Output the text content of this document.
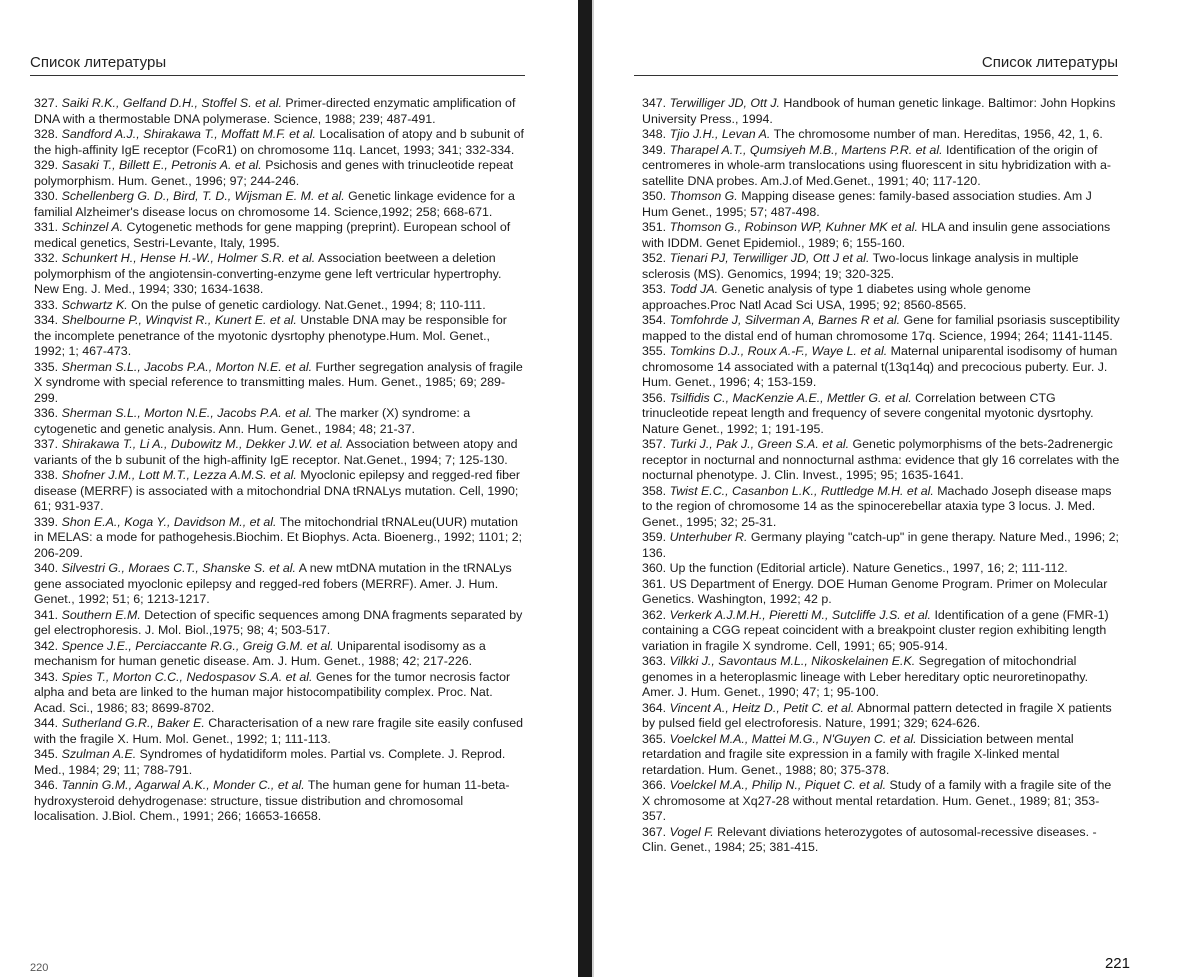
Список литературы
327. Saiki R.K., Gelfand D.H., Stoffel S. et al. Primer-directed enzymatic amplification of DNA with a thermostable DNA polymerase. Science, 1988; 239; 487-491.
328. Sandford A.J., Shirakawa T., Moffatt M.F. et al. Localisation of atopy and b subunit of the high-affinity IgE receptor (FcoR1) on chromosome 11q. Lancet, 1993; 341; 332-334.
329. Sasaki T., Billett E., Petronis A. et al. Psichosis and genes with trinucleotide repeat polymorphism. Hum. Genet., 1996; 97; 244-246.
330. Schellenberg G. D., Bird, T. D., Wijsman E. M. et al. Genetic linkage evidence for a familial Alzheimer's disease locus on chromosome 14. Science,1992; 258; 668-671.
331. Schinzel A. Cytogenetic methods for gene mapping (preprint). European school of medical genetics, Sestri-Levante, Italy, 1995.
332. Schunkert H., Hense H.-W., Holmer S.R. et al. Association beetween a deletion polymorphism of the angiotensin-converting-enzyme gene left vertricular hypertrophy. New Eng. J. Med., 1994; 330; 1634-1638.
333. Schwartz K. On the pulse of genetic cardiology. Nat.Genet., 1994; 8; 110-111.
334. Shelbourne P., Winqvist R., Kunert E. et al. Unstable DNA may be responsible for the incomplete penetrance of the myotonic dysrtophy phenotype.Hum. Mol. Genet., 1992; 1; 467-473.
335. Sherman S.L., Jacobs P.A., Morton N.E. et al. Further segregation analysis of fragile X syndrome with special reference to transmitting males. Hum. Genet., 1985; 69; 289-299.
336. Sherman S.L., Morton N.E., Jacobs P.A. et al. The marker (X) syndrome: a cytogenetic and genetic analysis. Ann. Hum. Genet., 1984; 48; 21-37.
337. Shirakawa T., Li A., Dubowitz M., Dekker J.W. et al. Association between atopy and variants of the b subunit of the high-affinity IgE receptor. Nat.Genet., 1994; 7; 125-130.
338. Shofner J.M., Lott M.T., Lezza A.M.S. et al. Myoclonic epilepsy and regged-red fiber disease (MERRF) is associated with a mitochondrial DNA tRNALys mutation. Cell, 1990; 61; 931-937.
339. Shon E.A., Koga Y., Davidson M., et al. The mitochondrial tRNALeu(UUR) mutation in MELAS: a mode for pathogehesis.Biochim. Et Biophys. Acta. Bioenerg., 1992; 1101; 2; 206-209.
340. Silvestri G., Moraes C.T., Shanske S. et al. A new mtDNA mutation in the tRNALys gene associated myoclonic epilepsy and regged-red fobers (MERRF). Amer. J. Hum. Genet., 1992; 51; 6; 1213-1217.
341. Southern E.M. Detection of specific sequences among DNA fragments separated by gel electrophoresis. J. Mol. Biol.,1975; 98; 4; 503-517.
342. Spence J.E., Perciaccante R.G., Greig G.M. et al. Uniparental isodisomy as a mechanism for human genetic disease. Am. J. Hum. Genet., 1988; 42; 217-226.
343. Spies T., Morton C.C., Nedospasov S.A. et al. Genes for the tumor necrosis factor alpha and beta are linked to the human major histocompatibility complex. Proc. Nat. Acad. Sci., 1986; 83; 8699-8702.
344. Sutherland G.R., Baker E. Characterisation of a new rare fragile site easily confused with the fragile X. Hum. Mol. Genet., 1992; 1; 111-113.
345. Szulman A.E. Syndromes of hydatidiform moles. Partial vs. Complete. J. Reprod. Med., 1984; 29; 11; 788-791.
346. Tannin G.M., Agarwal A.K., Monder C., et al. The human gene for human 11-beta-hydroxysteroid dehydrogenase: structure, tissue distribution and chromosomal localisation. J.Biol. Chem., 1991; 266; 16653-16658.
220
Список литературы
347. Terwilliger JD, Ott J. Handbook of human genetic linkage. Baltimor: John Hopkins University Press., 1994.
348. Tjio J.H., Levan A. The chromosome number of man. Hereditas, 1956, 42, 1, 6.
349. Tharapel A.T., Qumsiyeh M.B., Martens P.R. et al. Identification of the origin of centromeres in whole-arm translocations using fluorescent in situ hybridization with a-satellite DNA probes. Am.J.of Med.Genet., 1991; 40; 117-120.
350. Thomson G. Mapping disease genes: family-based association studies. Am J Hum Genet., 1995; 57; 487-498.
351. Thomson G., Robinson WP, Kuhner MK et al. HLA and insulin gene associations with IDDM. Genet Epidemiol., 1989; 6; 155-160.
352. Tienari PJ, Terwilliger JD, Ott J et al. Two-locus linkage analysis in multiple sclerosis (MS). Genomics, 1994; 19; 320-325.
353. Todd JA. Genetic analysis of type 1 diabetes using whole genome approaches.Proc Natl Acad Sci USA, 1995; 92; 8560-8565.
354. Tomfohrde J, Silverman A, Barnes R et al. Gene for familial psoriasis susceptibility mapped to the distal end of human chromosome 17q. Science, 1994; 264; 1141-1145.
355. Tomkins D.J., Roux A.-F., Waye L. et al. Maternal uniparental isodisomy of human chromosome 14 associated with a paternal t(13q14q) and precocious puberty. Eur. J. Hum. Genet., 1996; 4; 153-159.
356. Tsilfidis C., MacKenzie A.E., Mettler G. et al. Correlation between CTG trinucleotide repeat length and frequency of severe congenital myotonic dysrtophy. Nature Genet., 1992; 1; 191-195.
357. Turki J., Pak J., Green S.A. et al. Genetic polymorphisms of the bets-2adrenergic receptor in nocturnal and nonnocturnal asthma: evidence that gly 16 correlates with the nocturnal phenotype. J. Clin. Invest., 1995; 95; 1635-1641.
358. Twist E.C., Casanbon L.K., Ruttledge M.H. et al. Machado Joseph disease maps to the region of chromosome 14 as the spinocerebellar ataxia type 3 locus. J. Med. Genet., 1995; 32; 25-31.
359. Unterhuber R. Germany playing "catch-up" in gene therapy. Nature Med., 1996; 2; 136.
360. Up the function (Editorial article). Nature Genetics., 1997, 16; 2; 111-112.
361. US Department of Energy. DOE Human Genome Program. Primer on Molecular Genetics. Washington, 1992; 42 p.
362. Verkerk A.J.M.H., Pieretti M., Sutcliffe J.S. et al. Identification of a gene (FMR-1) containing a CGG repeat coincident with a breakpoint cluster region exhibiting length variation in fragile X syndrome. Cell, 1991; 65; 905-914.
363. Vilkki J., Savontaus M.L., Nikoskelainen E.K. Segregation of mitochondrial genomes in a heteroplasmic lineage with Leber hereditary optic neuroretinopathy. Amer. J. Hum. Genet., 1990; 47; 1; 95-100.
364. Vincent A., Heitz D., Petit C. et al. Abnormal pattern detected in fragile X patients by pulsed field gel electroforesis. Nature, 1991; 329; 624-626.
365. Voelckel M.A., Mattei M.G., N'Guyen C. et al. Dissiciation between mental retardation and fragile site expression in a family with fragile X-linked mental retardation. Hum. Genet., 1988; 80; 375-378.
366. Voelckel M.A., Philip N., Piquet C. et al. Study of a family with a fragile site of the X chromosome at Xq27-28 without mental retardation. Hum. Genet., 1989; 81; 353-357.
367. Vogel F. Relevant diviations heterozygotes of autosomal-recessive diseases. - Clin. Genet., 1984; 25; 381-415.
221
